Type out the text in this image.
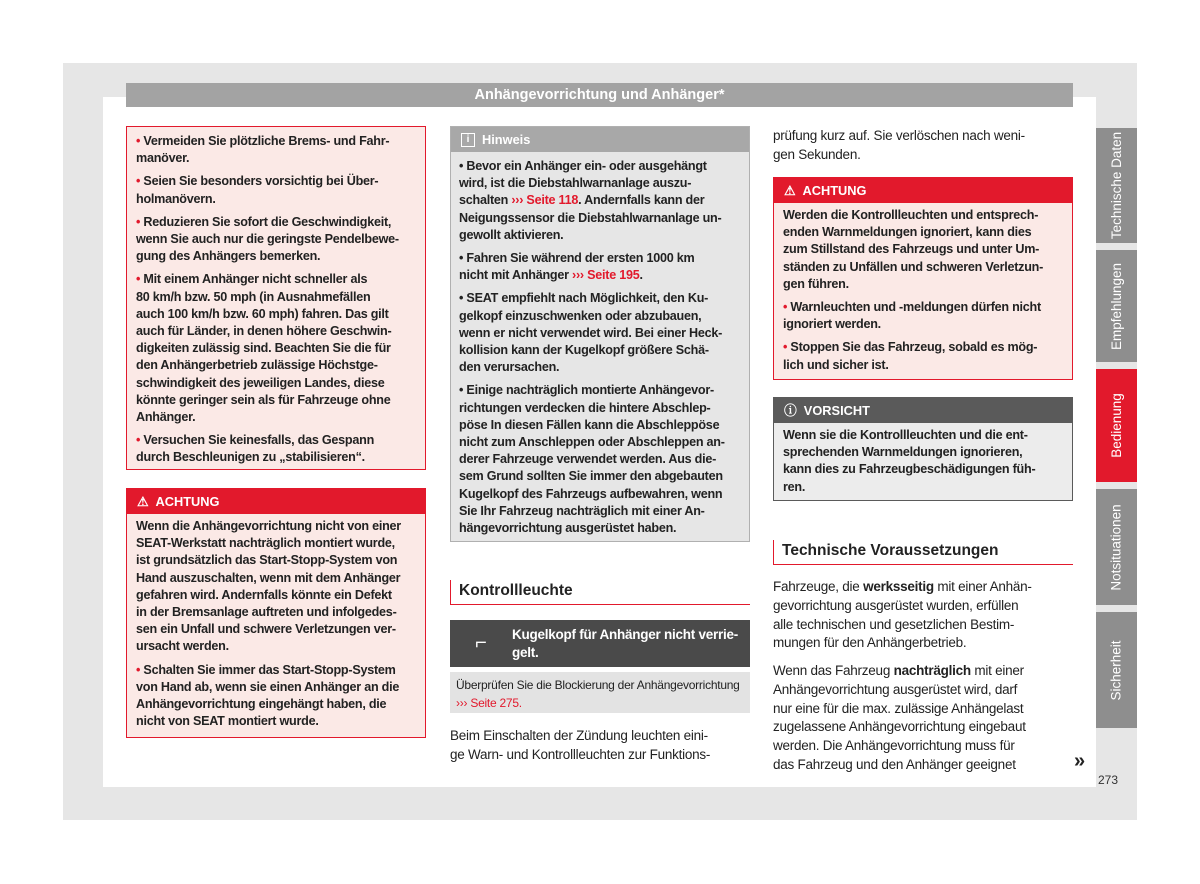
Anhängevorrichtung und Anhänger*
• Vermeiden Sie plötzliche Brems- und Fahr-
manöver.
• Seien Sie besonders vorsichtig bei Über-
holmanövern.
• Reduzieren Sie sofort die Geschwindigkeit,
wenn Sie auch nur die geringste Pendelbewe-
gung des Anhängers bemerken.
• Mit einem Anhänger nicht schneller als
80 km/h bzw. 50 mph (in Ausnahmefällen
auch 100 km/h bzw. 60 mph) fahren. Das gilt
auch für Länder, in denen höhere Geschwin-
digkeiten zulässig sind. Beachten Sie die für
den Anhängerbetrieb zulässige Höchstge-
schwindigkeit des jeweiligen Landes, diese
könnte geringer sein als für Fahrzeuge ohne
Anhänger.
• Versuchen Sie keinesfalls, das Gespann
durch Beschleunigen zu „stabilisieren“.
⚠ ACHTUNG
Wenn die Anhängevorrichtung nicht von einer
SEAT-Werkstatt nachträglich montiert wurde,
ist grundsätzlich das Start-Stopp-System von
Hand auszuschalten, wenn mit dem Anhänger
gefahren wird. Andernfalls könnte ein Defekt
in der Bremsanlage auftreten und infolgedes-
sen ein Unfall und schwere Verletzungen ver-
ursacht werden.
• Schalten Sie immer das Start-Stopp-System
von Hand ab, wenn sie einen Anhänger an die
Anhängevorrichtung eingehängt haben, die
nicht von SEAT montiert wurde.
i Hinweis
• Bevor ein Anhänger ein- oder ausgehängt
wird, ist die Diebstahlwarnanlage auszu-
schalten ››› Seite 118. Andernfalls kann der
Neigungssensor die Diebstahlwarnanlage un-
gewollt aktivieren.
• Fahren Sie während der ersten 1000 km
nicht mit Anhänger ››› Seite 195.
• SEAT empfiehlt nach Möglichkeit, den Ku-
gelkopf einzuschwenken oder abzubauen,
wenn er nicht verwendet wird. Bei einer Heck-
kollision kann der Kugelkopf größere Schä-
den verursachen.
• Einige nachträglich montierte Anhängevor-
richtungen verdecken die hintere Abschlep-
pöse In diesen Fällen kann die Abschleppöse
nicht zum Anschleppen oder Abschleppen an-
derer Fahrzeuge verwendet werden. Aus die-
sem Grund sollten Sie immer den abgebauten
Kugelkopf des Fahrzeugs aufbewahren, wenn
Sie Ihr Fahrzeug nachträglich mit einer An-
hängevorrichtung ausgerüstet haben.
Kontrollleuchte
⌐	Kugelkopf für Anhänger nicht verrie-
gelt.
Überprüfen Sie die Blockierung der Anhängevorrichtung
››› Seite 275.
Beim Einschalten der Zündung leuchten eini-
ge Warn- und Kontrollleuchten zur Funktions-
prüfung kurz auf. Sie verlöschen nach weni-
gen Sekunden.
⚠ ACHTUNG
Werden die Kontrollleuchten und entsprech-
enden Warnmeldungen ignoriert, kann dies
zum Stillstand des Fahrzeugs und unter Um-
ständen zu Unfällen und schweren Verletzun-
gen führen.
• Warnleuchten und -meldungen dürfen nicht
ignoriert werden.
• Stoppen Sie das Fahrzeug, sobald es mög-
lich und sicher ist.
ⓘ VORSICHT
Wenn sie die Kontrollleuchten und die ent-
sprechenden Warnmeldungen ignorieren,
kann dies zu Fahrzeugbeschädigungen füh-
ren.
Technische Voraussetzungen
Fahrzeuge, die werksseitig mit einer Anhän-
gevorrichtung ausgerüstet wurden, erfüllen
alle technischen und gesetzlichen Bestim-
mungen für den Anhängerbetrieb.
Wenn das Fahrzeug nachträglich mit einer
Anhängevorrichtung ausgerüstet wird, darf
nur eine für die max. zulässige Anhängelast
zugelassene Anhängevorrichtung eingebaut
werden. Die Anhängevorrichtung muss für
das Fahrzeug und den Anhänger geeignet	»
Technische Daten
Empfehlungen
Bedienung
Notsituationen
Sicherheit
273
